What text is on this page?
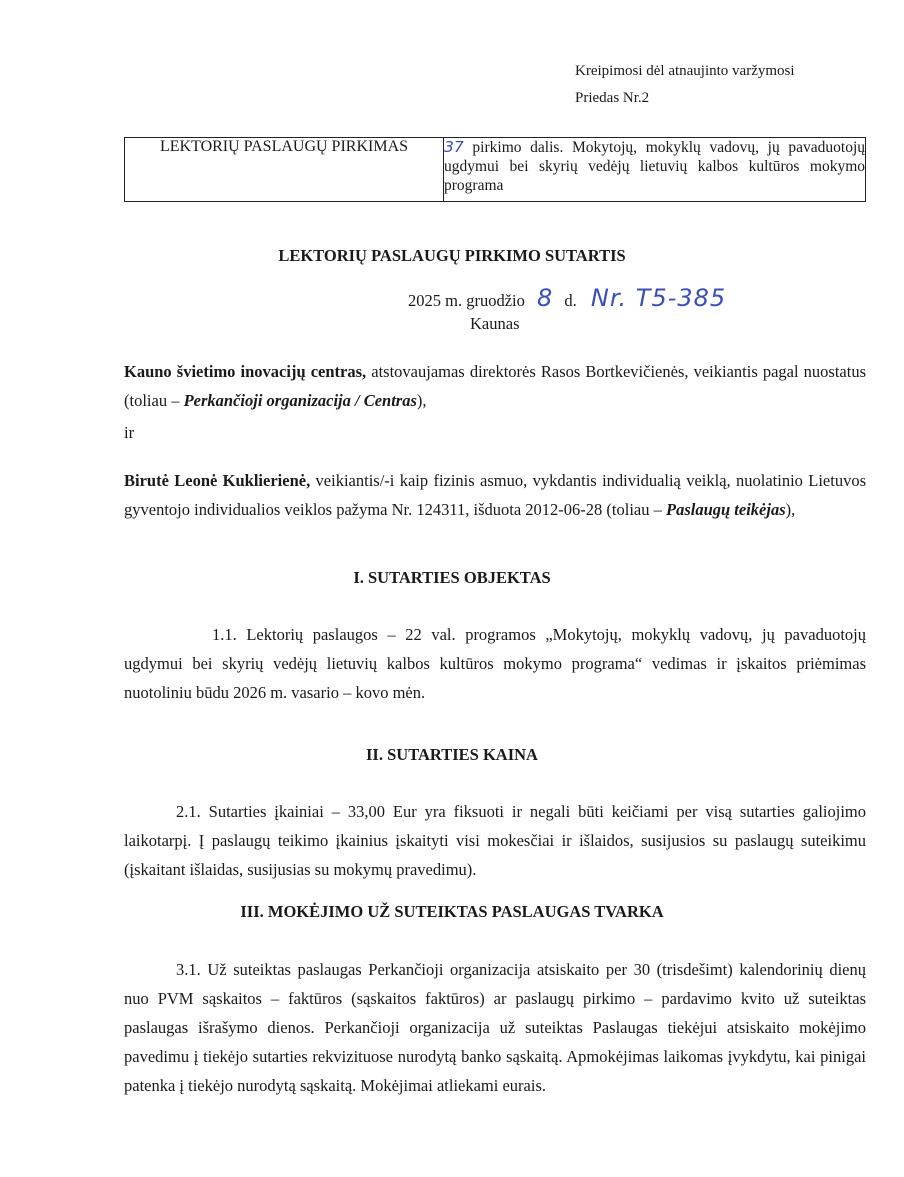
Kreipimosi dėl atnaujinto varžymosi
Priedas Nr.2
LEKTORIŲ PASLAUGŲ PIRKIMAS	37 pirkimo dalis. Mokytojų, mokyklų vadovų, jų pavaduotojų ugdymui bei skyrių vedėjų lietuvių kalbos kultūros mokymo programa
LEKTORIŲ PASLAUGŲ PIRKIMO SUTARTIS
2025 m. gruodžio 8 d. Nr. T5-385
Kaunas
Kauno švietimo inovacijų centras, atstovaujamas direktorės Rasos Bortkevičienės, veikiantis pagal nuostatus (toliau – Perkančioji organizacija / Centras),
ir
Birutė Leonė Kuklierienė, veikiantis/-i kaip fizinis asmuo, vykdantis individualią veiklą, nuolatinio Lietuvos gyventojo individualios veiklos pažyma Nr. 124311, išduota 2012-06-28 (toliau – Paslaugų teikėjas),
I. SUTARTIES OBJEKTAS
1.1. Lektorių paslaugos – 22 val. programos „Mokytojų, mokyklų vadovų, jų pavaduotojų ugdymui bei skyrių vedėjų lietuvių kalbos kultūros mokymo programa“ vedimas ir įskaitos priėmimas nuotoliniu būdu 2026 m. vasario – kovo mėn.
II. SUTARTIES KAINA
2.1. Sutarties įkainiai – 33,00 Eur yra fiksuoti ir negali būti keičiami per visą sutarties galiojimo laikotarpį. Į paslaugų teikimo įkainius įskaityti visi mokesčiai ir išlaidos, susijusios su paslaugų suteikimu (įskaitant išlaidas, susijusias su mokymų pravedimu).
III. MOKĖJIMO UŽ SUTEIKTAS PASLAUGAS TVARKA
3.1. Už suteiktas paslaugas Perkančioji organizacija atsiskaito per 30 (trisdešimt) kalendorinių dienų nuo PVM sąskaitos – faktūros (sąskaitos faktūros) ar paslaugų pirkimo – pardavimo kvito už suteiktas paslaugas išrašymo dienos. Perkančioji organizacija už suteiktas Paslaugas tiekėjui atsiskaito mokėjimo pavedimu į tiekėjo sutarties rekvizituose nurodytą banko sąskaitą. Apmokėjimas laikomas įvykdytu, kai pinigai patenka į tiekėjo nurodytą sąskaitą. Mokėjimai atliekami eurais.
